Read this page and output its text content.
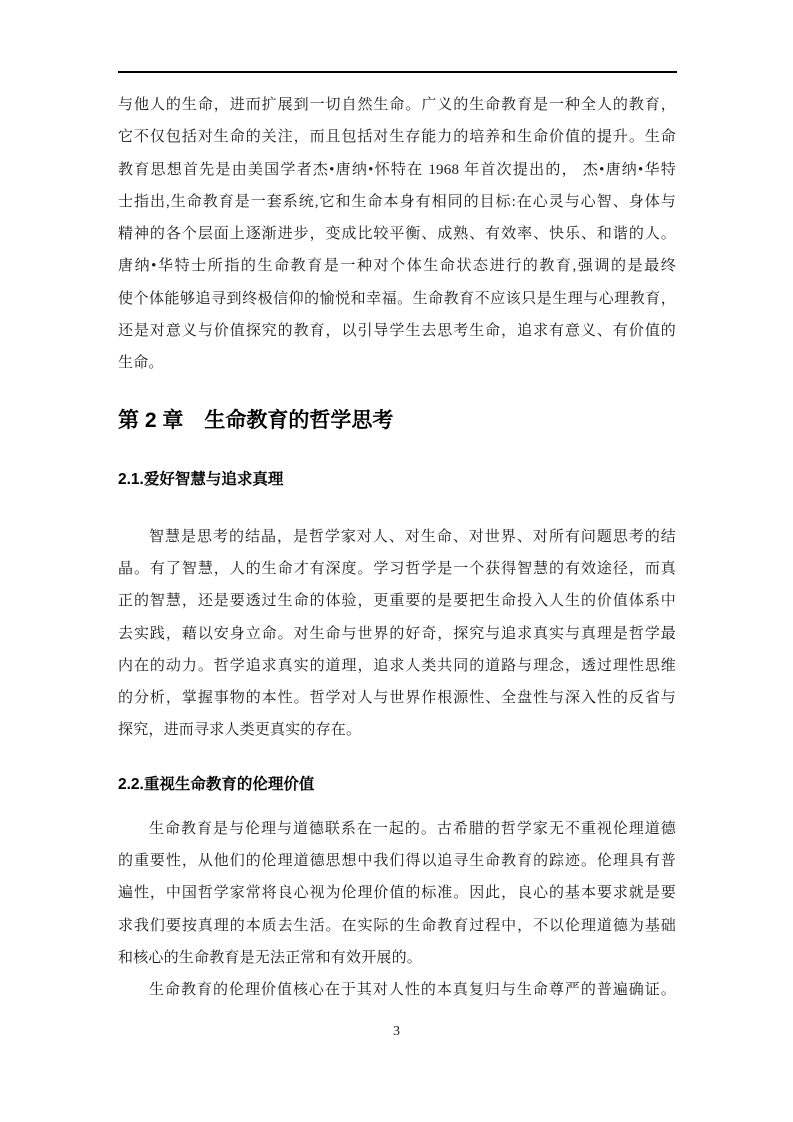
与他人的生命，进而扩展到一切自然生命。广义的生命教育是一种全人的教育，
它不仅包括对生命的关注，而且包括对生存能力的培养和生命价值的提升。生命
教育思想首先是由美国学者杰•唐纳•怀特在 1968 年首次提出的， 杰•唐纳•华特
士指出,生命教育是一套系统,它和生命本身有相同的目标:在心灵与心智、身体与
精神的各个层面上逐渐进步，变成比较平衡、成熟、有效率、快乐、和谐的人。
唐纳•华特士所指的生命教育是一种对个体生命状态进行的教育,强调的是最终
使个体能够追寻到终极信仰的愉悦和幸福。生命教育不应该只是生理与心理教育，
还是对意义与价值探究的教育，以引导学生去思考生命，追求有意义、有价值的
生命。
第 2 章　生命教育的哲学思考
2.1.爱好智慧与追求真理
智慧是思考的结晶，是哲学家对人、对生命、对世界、对所有问题思考的结
晶。有了智慧，人的生命才有深度。学习哲学是一个获得智慧的有效途径，而真
正的智慧，还是要透过生命的体验，更重要的是要把生命投入人生的价值体系中
去实践，藉以安身立命。对生命与世界的好奇，探究与追求真实与真理是哲学最
内在的动力。哲学追求真实的道理，追求人类共同的道路与理念，透过理性思维
的分析，掌握事物的本性。哲学对人与世界作根源性、全盘性与深入性的反省与
探究，进而寻求人类更真实的存在。
2.2.重视生命教育的伦理价值
生命教育是与伦理与道德联系在一起的。古希腊的哲学家无不重视伦理道德
的重要性，从他们的伦理道德思想中我们得以追寻生命教育的踪迹。伦理具有普
遍性，中国哲学家常将良心视为伦理价值的标准。因此，良心的基本要求就是要
求我们要按真理的本质去生活。在实际的生命教育过程中，不以伦理道德为基础
和核心的生命教育是无法正常和有效开展的。
生命教育的伦理价值核心在于其对人性的本真复归与生命尊严的普遍确证。
3
